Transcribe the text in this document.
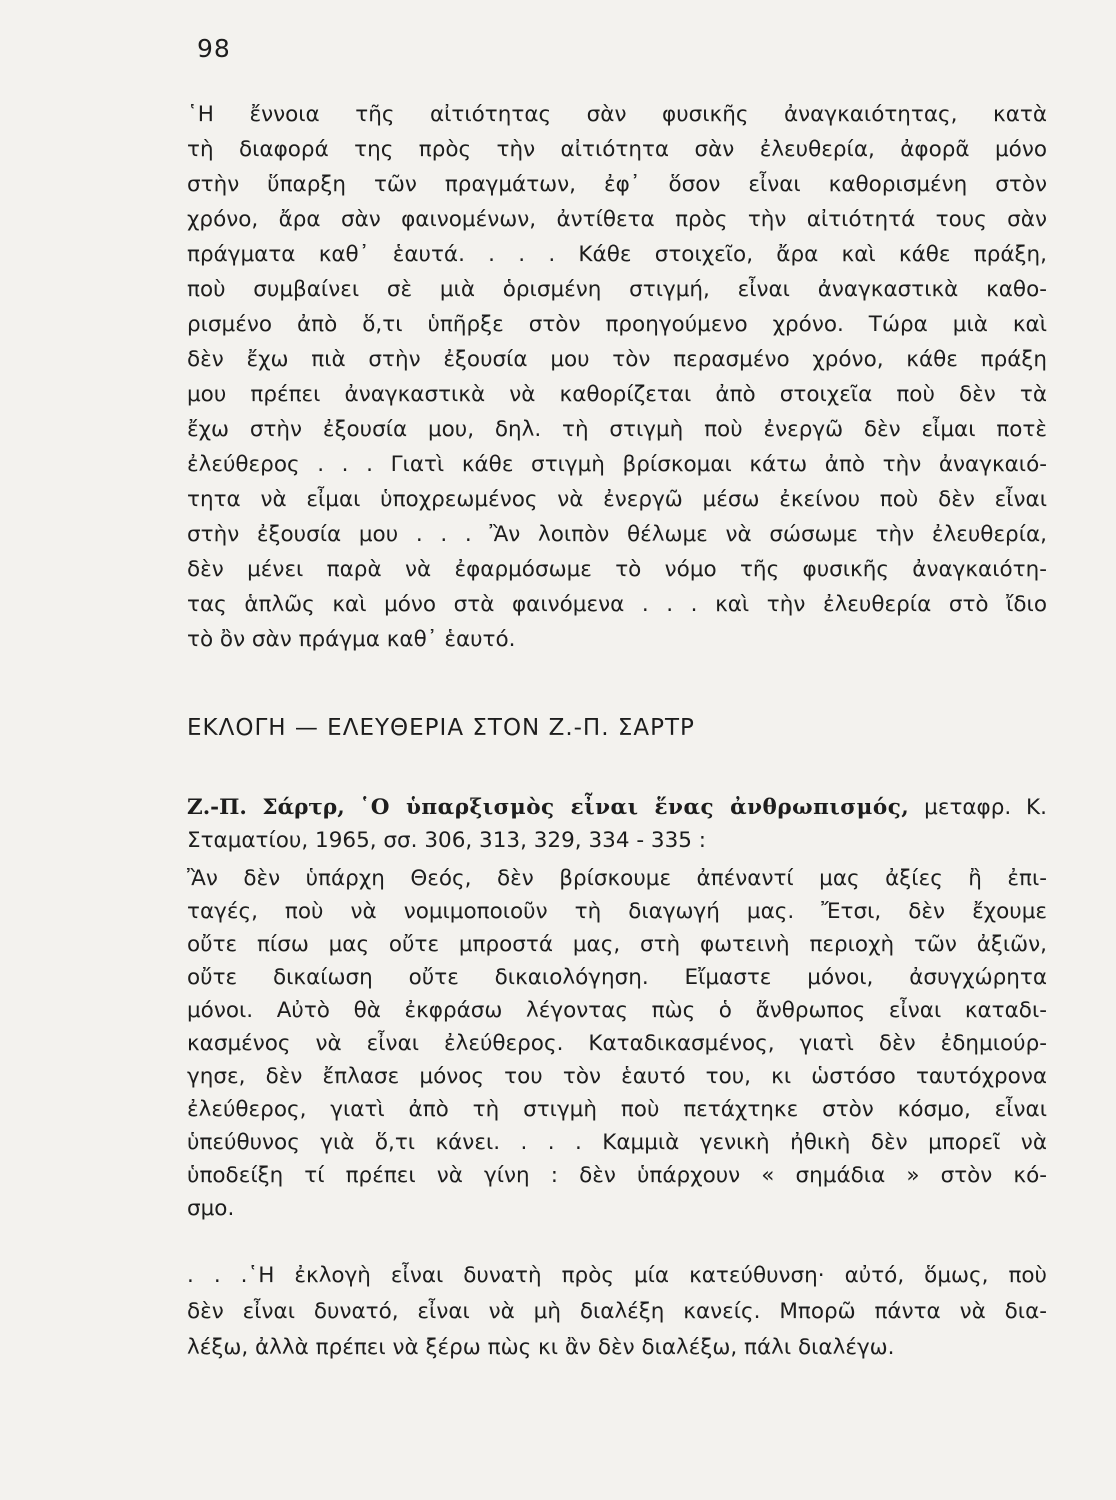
98
῾Η ἔννοια τῆς αἰτιότητας σὰν φυσικῆς ἀναγκαιότητας, κατὰ
τὴ διαφορά της πρὸς τὴν αἰτιότητα σὰν ἐλευθερία, ἀφορᾶ μόνο
στὴν ὕπαρξη τῶν πραγμάτων, ἐφ᾽ ὅσον εἶναι καθορισμένη στὸν
χρόνο, ἄρα σὰν φαινομένων, ἀντίθετα πρὸς τὴν αἰτιότητά τους σὰν
πράγματα καθ᾽ ἑαυτά. . . . Κάθε στοιχεῖο, ἄρα καὶ κάθε πράξη,
ποὺ συμβαίνει σὲ μιὰ ὁρισμένη στιγμή, εἶναι ἀναγκαστικὰ καθο-
ρισμένο ἀπὸ ὅ,τι ὑπῆρξε στὸν προηγούμενο χρόνο. Τώρα μιὰ καὶ
δὲν ἔχω πιὰ στὴν ἐξουσία μου τὸν περασμένο χρόνο, κάθε πράξη
μου πρέπει ἀναγκαστικὰ νὰ καθορίζεται ἀπὸ στοιχεῖα ποὺ δὲν τὰ
ἔχω στὴν ἐξουσία μου, δηλ. τὴ στιγμὴ ποὺ ἐνεργῶ δὲν εἶμαι ποτὲ
ἐλεύθερος . . . Γιατὶ κάθε στιγμὴ βρίσκομαι κάτω ἀπὸ τὴν ἀναγκαιό-
τητα νὰ εἶμαι ὑποχρεωμένος νὰ ἐνεργῶ μέσω ἐκείνου ποὺ δὲν εἶναι
στὴν ἐξουσία μου . . . Ἂν λοιπὸν θέλωμε νὰ σώσωμε τὴν ἐλευθερία,
δὲν μένει παρὰ νὰ ἐφαρμόσωμε τὸ νόμο τῆς φυσικῆς ἀναγκαιότη-
τας ἁπλῶς καὶ μόνο στὰ φαινόμενα . . . καὶ τὴν ἐλευθερία στὸ ἴδιο
τὸ ὂν σὰν πράγμα καθ᾽ ἑαυτό.
ΕΚΛΟΓΗ — ΕΛΕΥΘΕΡΙΑ ΣΤΟΝ Ζ.-Π. ΣΑΡΤΡ
Ζ.-Π. Σάρτρ, ῾Ο ὑπαρξισμὸς εἶναι ἕνας ἀνθρωπισμός, μεταφρ. Κ.
Σταματίου, 1965, σσ. 306, 313, 329, 334 - 335 :
Ἂν δὲν ὑπάρχη Θεός, δὲν βρίσκουμε ἀπέναντί μας ἀξίες ἢ ἐπι-
ταγές, ποὺ νὰ νομιμοποιοῦν τὴ διαγωγή μας. Ἔτσι, δὲν ἔχουμε
οὔτε πίσω μας οὔτε μπροστά μας, στὴ φωτεινὴ περιοχὴ τῶν ἀξιῶν,
οὔτε δικαίωση οὔτε δικαιολόγηση. Εἴμαστε μόνοι, ἀσυγχώρητα
μόνοι. Αὐτὸ θὰ ἐκφράσω λέγοντας πὼς ὁ ἄνθρωπος εἶναι καταδι-
κασμένος νὰ εἶναι ἐλεύθερος. Καταδικασμένος, γιατὶ δὲν ἐδημιούρ-
γησε, δὲν ἔπλασε μόνος του τὸν ἑαυτό του, κι ὡστόσο ταυτόχρονα
ἐλεύθερος, γιατὶ ἀπὸ τὴ στιγμὴ ποὺ πετάχτηκε στὸν κόσμο, εἶναι
ὑπεύθυνος γιὰ ὅ,τι κάνει. . . . Καμμιὰ γενικὴ ἠθικὴ δὲν μπορεῖ νὰ
ὑποδείξη τί πρέπει νὰ γίνη : δὲν ὑπάρχουν « σημάδια » στὸν κό-
σμο.
. . .῾Η ἐκλογὴ εἶναι δυνατὴ πρὸς μία κατεύθυνση· αὐτό, ὅμως, ποὺ
δὲν εἶναι δυνατό, εἶναι νὰ μὴ διαλέξη κανείς. Μπορῶ πάντα νὰ δια-
λέξω, ἀλλὰ πρέπει νὰ ξέρω πὼς κι ἂν δὲν διαλέξω, πάλι διαλέγω.
